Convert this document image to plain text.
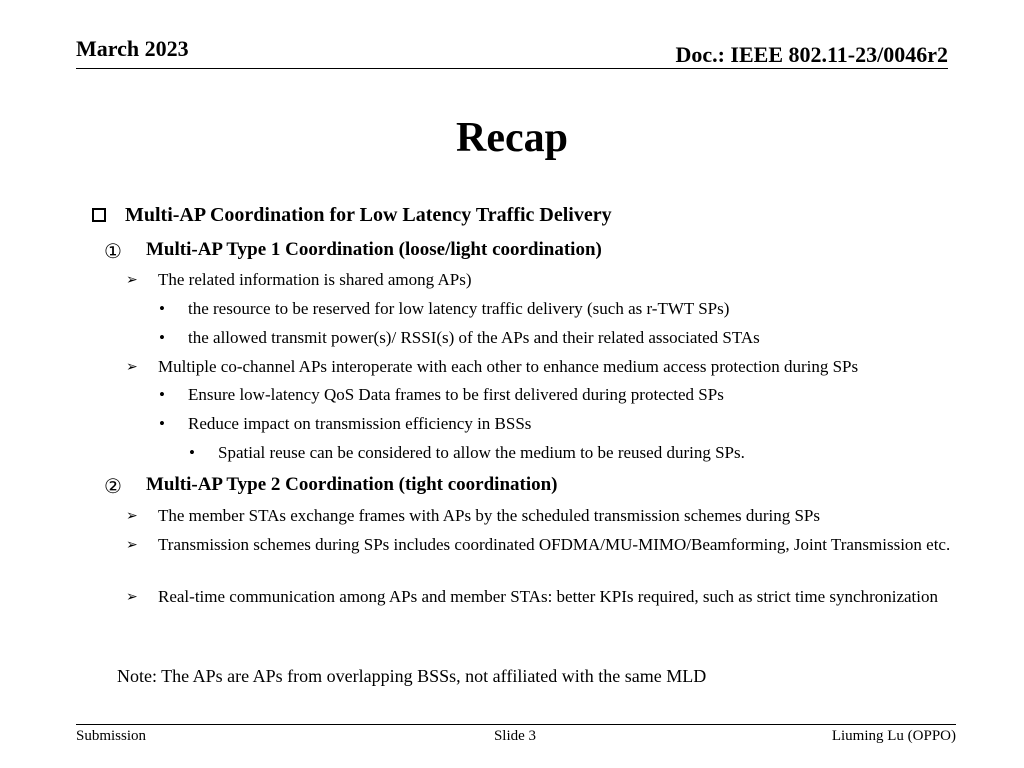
March 2023	Doc.: IEEE 802.11-23/0046r2
Recap
Multi-AP Coordination for Low Latency Traffic Delivery
① Multi-AP Type 1 Coordination (loose/light coordination)
➢ The related information is shared among APs)
• the resource to be reserved for low latency traffic delivery (such as r-TWT SPs)
• the allowed transmit power(s)/ RSSI(s) of the APs and their related associated STAs
➢ Multiple co-channel APs interoperate with each other to enhance medium access protection during SPs
• Ensure low-latency QoS Data frames to be first delivered during protected SPs
• Reduce impact on transmission efficiency in BSSs
• Spatial reuse can be considered to allow the medium to be reused during SPs.
② Multi-AP Type 2 Coordination (tight coordination)
➢ The member STAs exchange frames with APs by the scheduled transmission schemes during SPs
➢ Transmission schemes during SPs includes coordinated OFDMA/MU-MIMO/Beamforming, Joint Transmission etc.
➢ Real-time communication among APs and member STAs: better KPIs required, such as strict time synchronization
Note: The APs are APs from overlapping BSSs, not affiliated with the same MLD
Submission	Slide 3	Liuming Lu (OPPO)
